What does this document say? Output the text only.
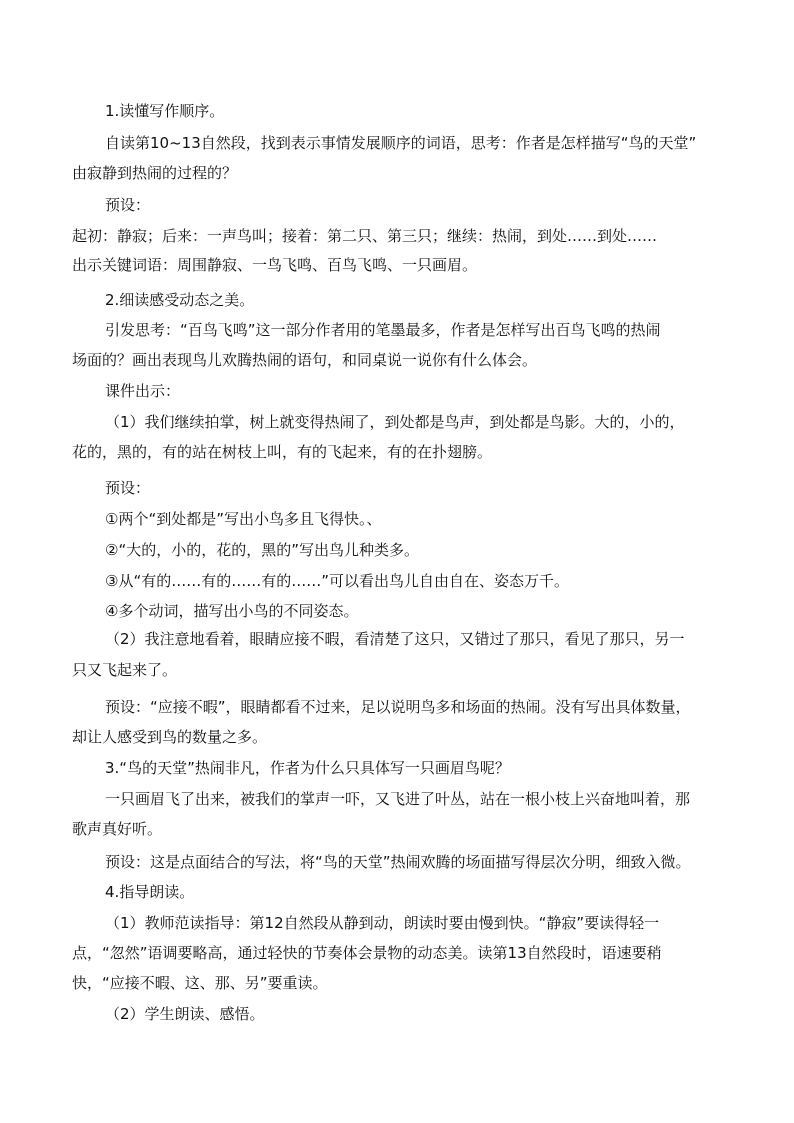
1.读懂写作顺序。
自读第10~13自然段，找到表示事情发展顺序的词语，思考：作者是怎样描写“鸟的天堂”
由寂静到热闹的过程的？
预设：
起初：静寂；后来：一声鸟叫；接着：第二只、第三只；继续：热闹，到处……到处……
出示关键词语：周围静寂、一鸟飞鸣、百鸟飞鸣、一只画眉。
2.细读感受动态之美。
引发思考：“百鸟飞鸣”这一部分作者用的笔墨最多，作者是怎样写出百鸟飞鸣的热闹
场面的？画出表现鸟儿欢腾热闹的语句，和同桌说一说你有什么体会。
课件出示：
（1）我们继续拍掌，树上就变得热闹了，到处都是鸟声，到处都是鸟影。大的，小的，
花的，黑的，有的站在树枝上叫，有的飞起来，有的在扑翅膀。
预设：
①两个“到处都是”写出小鸟多且飞得快。、
②“大的，小的，花的，黑的”写出鸟儿种类多。
③从“有的……有的……有的……”可以看出鸟儿自由自在、姿态万千。
④多个动词，描写出小鸟的不同姿态。
（2）我注意地看着，眼睛应接不暇，看清楚了这只，又错过了那只，看见了那只，另一
只又飞起来了。
预设：“应接不暇”，眼睛都看不过来，足以说明鸟多和场面的热闹。没有写出具体数量，
却让人感受到鸟的数量之多。
3.“鸟的天堂”热闹非凡，作者为什么只具体写一只画眉鸟呢？
一只画眉飞了出来，被我们的掌声一吓，又飞进了叶丛，站在一根小枝上兴奋地叫着，那
歌声真好听。
预设：这是点面结合的写法，将“鸟的天堂”热闹欢腾的场面描写得层次分明，细致入微。
4.指导朗读。
（1）教师范读指导：第12自然段从静到动，朗读时要由慢到快。“静寂”要读得轻一
点，“忽然”语调要略高，通过轻快的节奏体会景物的动态美。读第13自然段时，语速要稍
快，“应接不暇、这、那、另”要重读。
（2）学生朗读、感悟。
